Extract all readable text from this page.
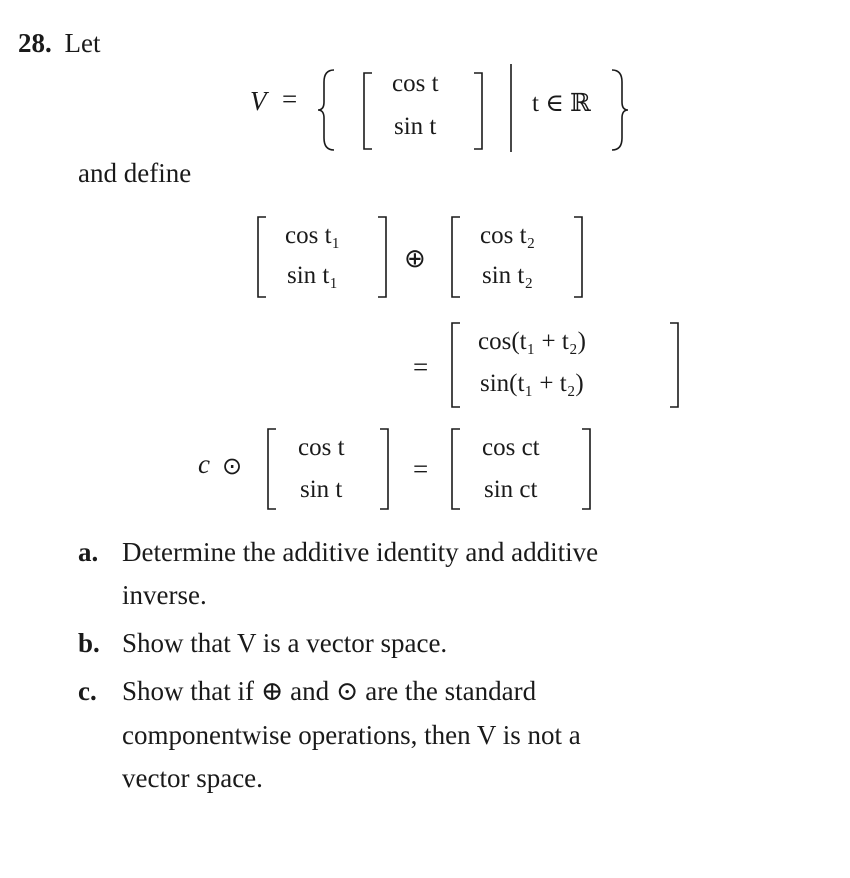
28. Let
V =
cos t
sin t
t ∈ ℝ
and define
cos t₁
sin t₁
⊕
cos t₂
sin t₂
=
cos(t₁ + t₂)
sin(t₁ + t₂)
c ⊙
cos t
sin t
=
cos ct
sin ct
a. Determine the additive identity and additive
inverse.
b. Show that V is a vector space.
c. Show that if ⊕ and ⊙ are the standard
componentwise operations, then V is not a
vector space.
